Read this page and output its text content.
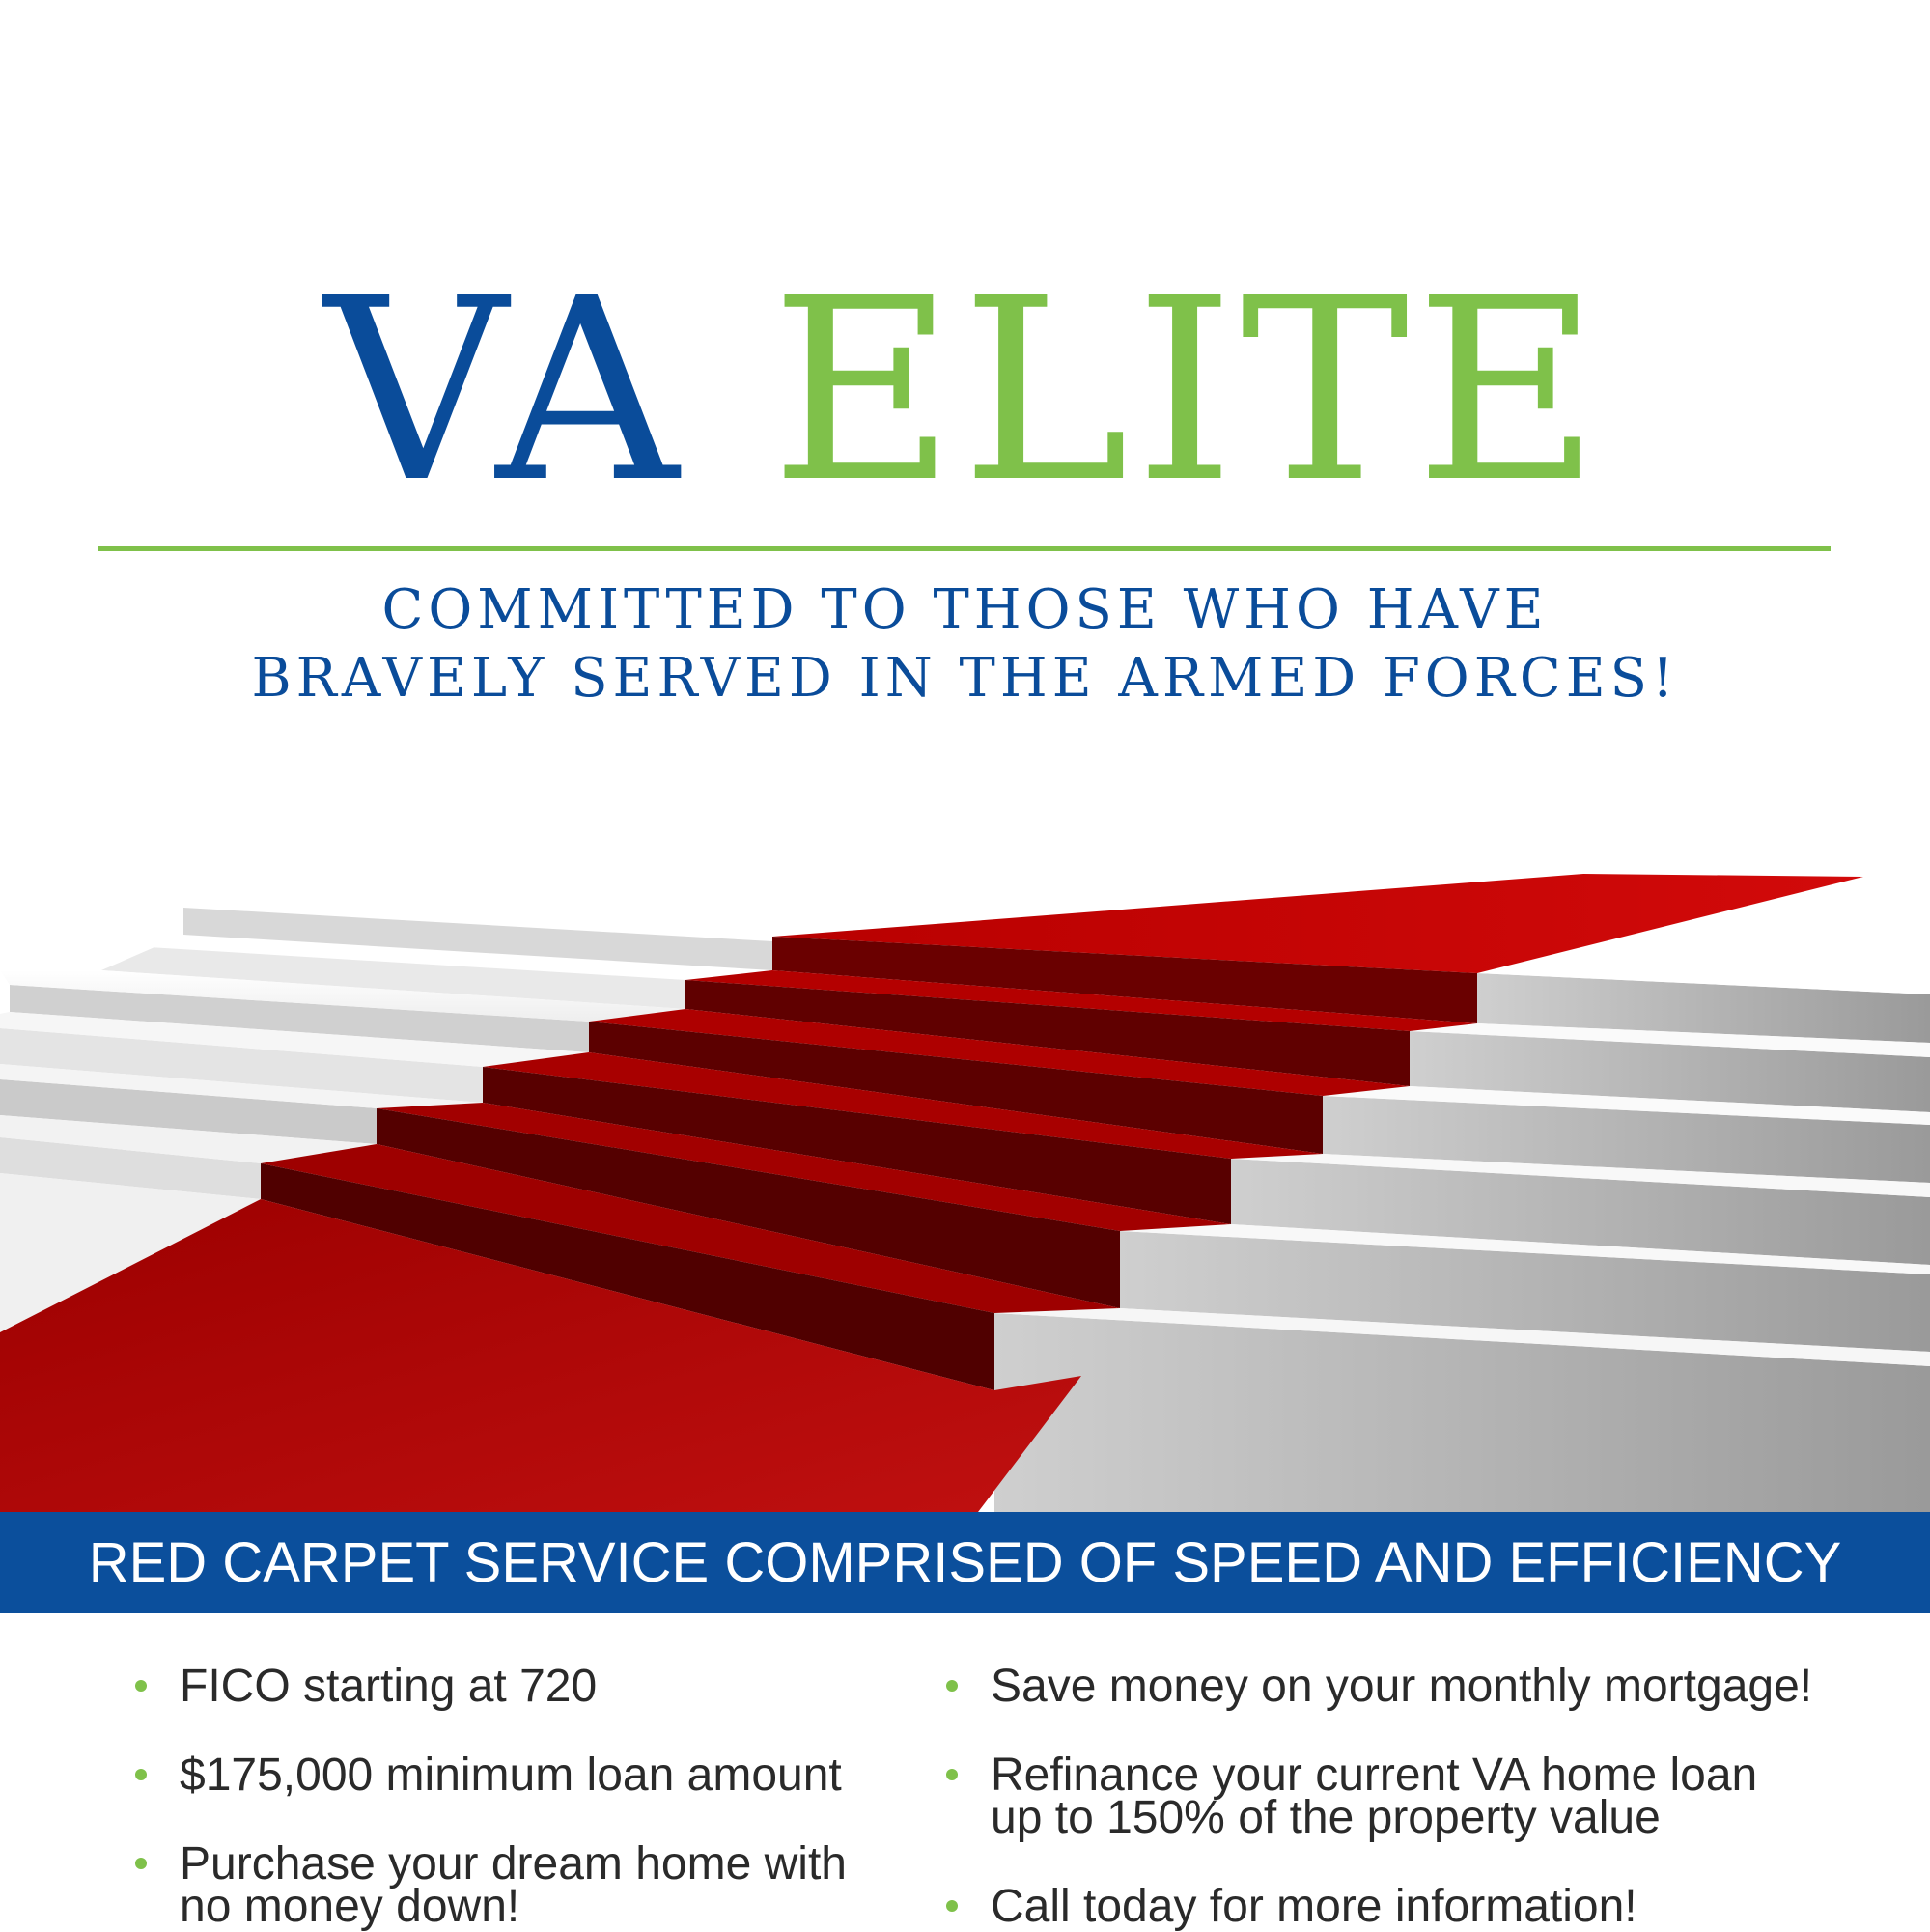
VA ELITE
COMMITTED TO THOSE WHO HAVE
BRAVELY SERVED IN THE ARMED FORCES!
RED CARPET SERVICE COMPRISED OF SPEED AND EFFICIENCY
FICO starting at 720
$175,000 minimum loan amount
Purchase your dream home with
no money down!
Save money on your monthly mortgage!
Refinance your current VA home loan
up to 150% of the property value
Call today for more information!
